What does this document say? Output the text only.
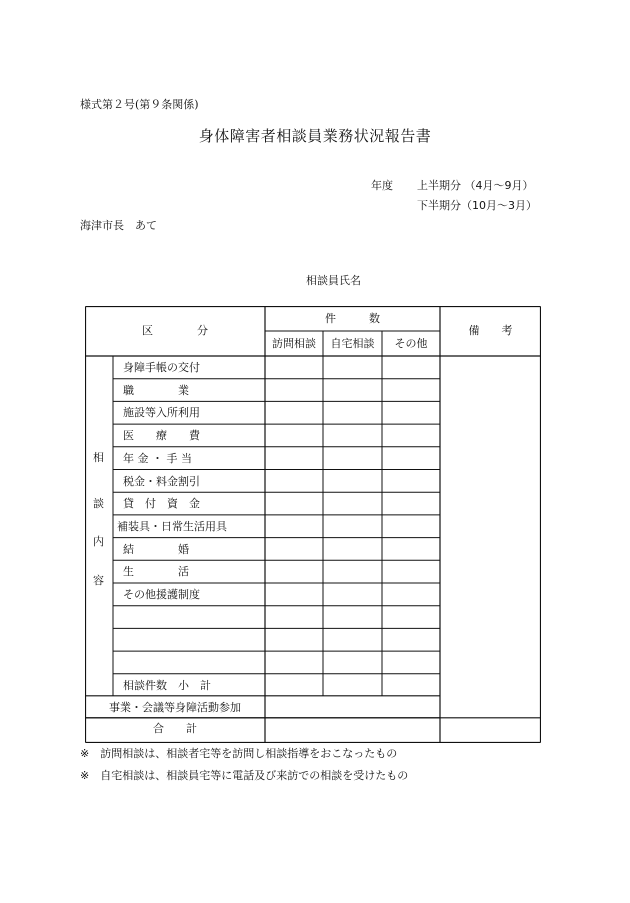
様式第２号(第９条関係)
身体障害者相談員業務状況報告書
年度 上半期分 （4月～9月）
下半期分（10月～3月）
海津市長　あて
相談員氏名
区　　　　分
件　　　数
備　　考
訪問相談	自宅相談	その他
相
談
内
容
身障手帳の交付
職　　　　業
施設等入所利用
医　　療　　費
年 金 ・ 手 当
税金・料金割引
貸　付　資　金
補装具・日常生活用具
結　　　　婚
生　　　　活
その他援護制度
相談件数　小　計
事業・会議等身障活動参加
合　　計
※　訪問相談は、相談者宅等を訪問し相談指導をおこなったもの
※　自宅相談は、相談員宅等に電話及び来訪での相談を受けたもの
